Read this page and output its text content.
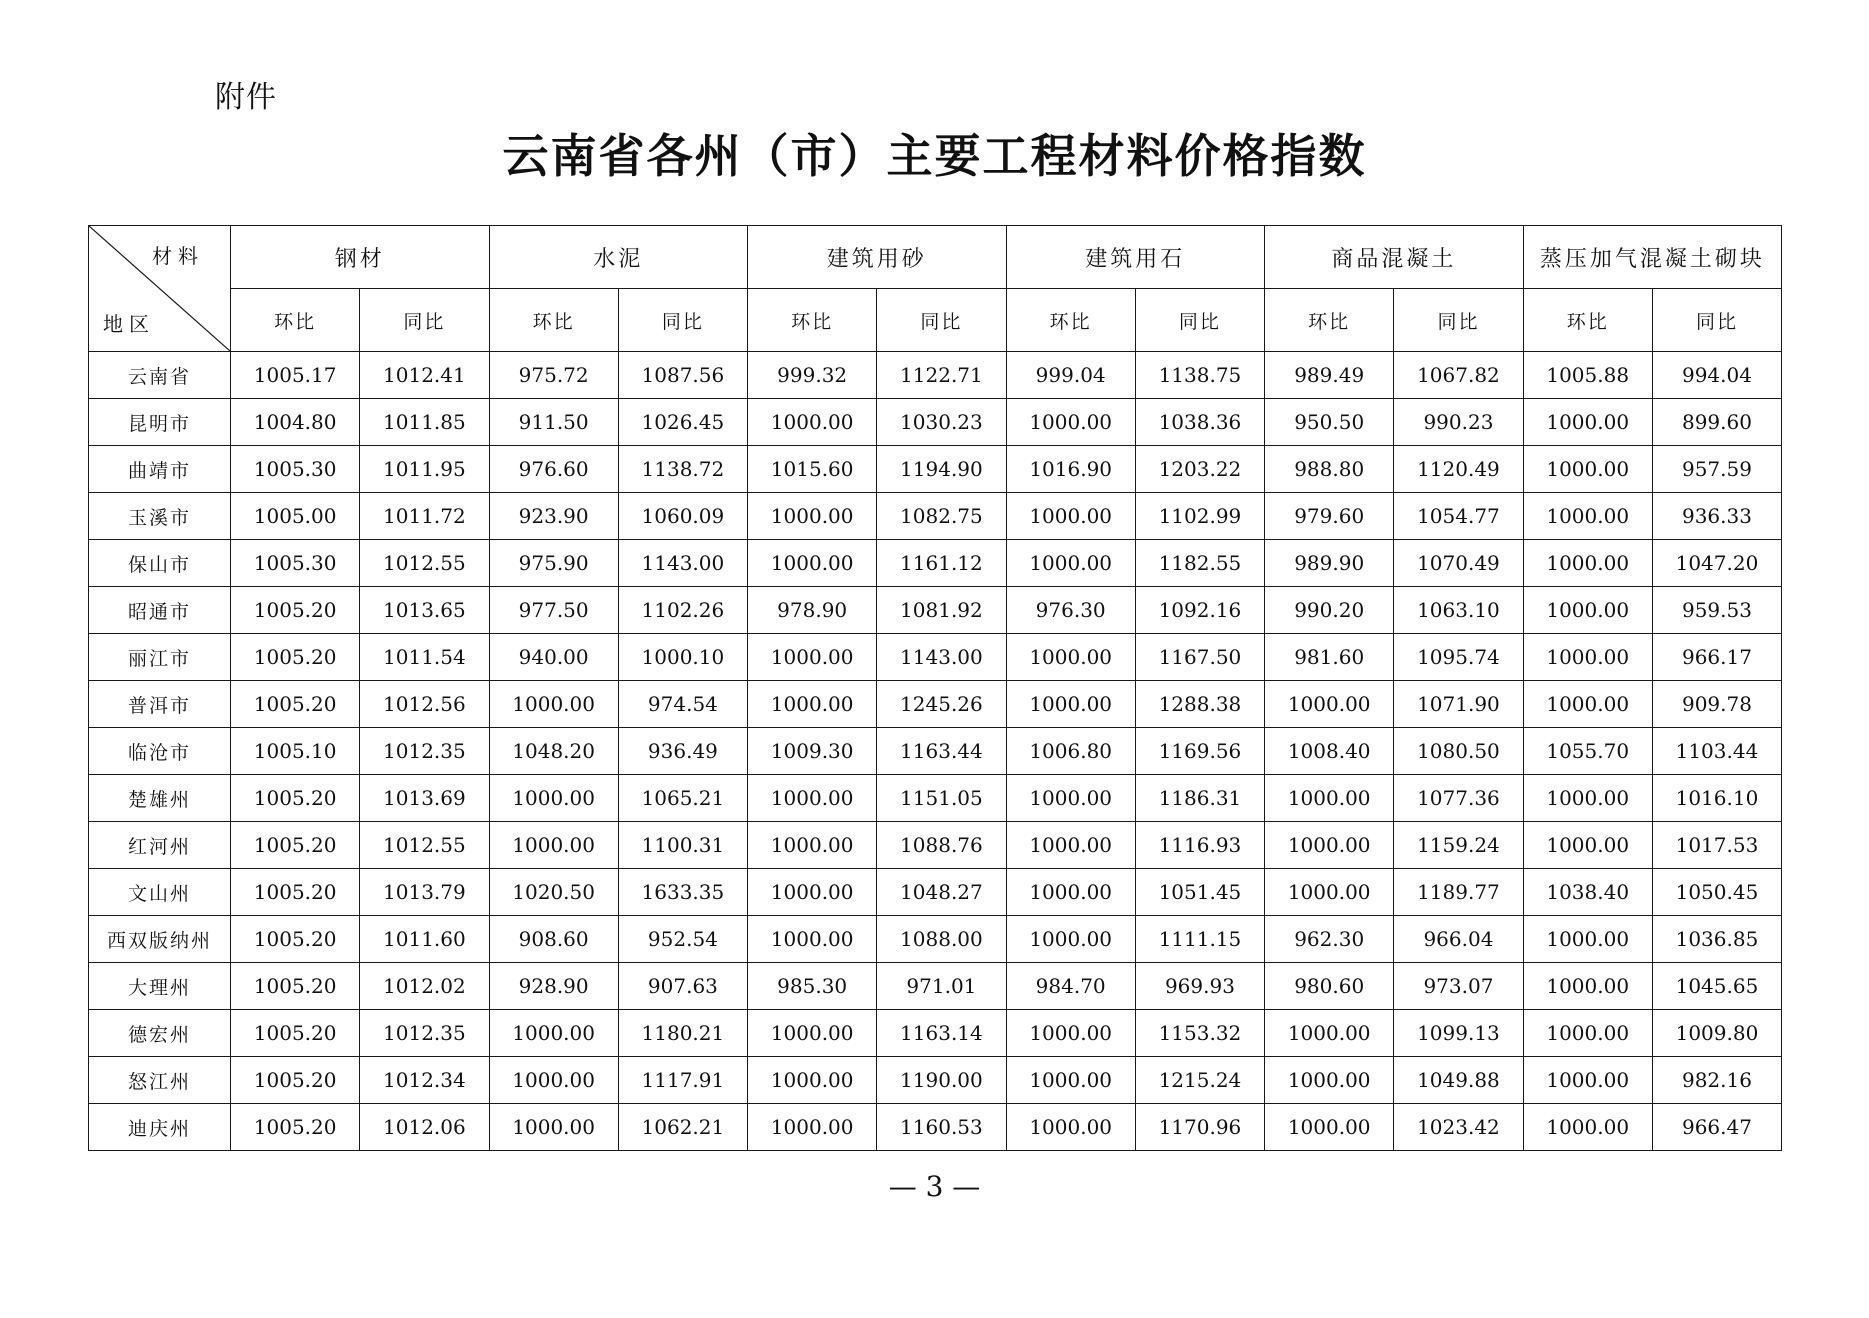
附件
云南省各州（市）主要工程材料价格指数
材料
地区	钢材		水泥		建筑用砂		建筑用石		商品混凝土		蒸压加气混凝土砌块	
	环比	同比	环比	同比	环比	同比	环比	同比	环比	同比	环比	同比
云南省	1005.17	1012.41	975.72	1087.56	999.32	1122.71	999.04	1138.75	989.49	1067.82	1005.88	994.04
昆明市	1004.80	1011.85	911.50	1026.45	1000.00	1030.23	1000.00	1038.36	950.50	990.23	1000.00	899.60
曲靖市	1005.30	1011.95	976.60	1138.72	1015.60	1194.90	1016.90	1203.22	988.80	1120.49	1000.00	957.59
玉溪市	1005.00	1011.72	923.90	1060.09	1000.00	1082.75	1000.00	1102.99	979.60	1054.77	1000.00	936.33
保山市	1005.30	1012.55	975.90	1143.00	1000.00	1161.12	1000.00	1182.55	989.90	1070.49	1000.00	1047.20
昭通市	1005.20	1013.65	977.50	1102.26	978.90	1081.92	976.30	1092.16	990.20	1063.10	1000.00	959.53
丽江市	1005.20	1011.54	940.00	1000.10	1000.00	1143.00	1000.00	1167.50	981.60	1095.74	1000.00	966.17
普洱市	1005.20	1012.56	1000.00	974.54	1000.00	1245.26	1000.00	1288.38	1000.00	1071.90	1000.00	909.78
临沧市	1005.10	1012.35	1048.20	936.49	1009.30	1163.44	1006.80	1169.56	1008.40	1080.50	1055.70	1103.44
楚雄州	1005.20	1013.69	1000.00	1065.21	1000.00	1151.05	1000.00	1186.31	1000.00	1077.36	1000.00	1016.10
红河州	1005.20	1012.55	1000.00	1100.31	1000.00	1088.76	1000.00	1116.93	1000.00	1159.24	1000.00	1017.53
文山州	1005.20	1013.79	1020.50	1633.35	1000.00	1048.27	1000.00	1051.45	1000.00	1189.77	1038.40	1050.45
西双版纳州	1005.20	1011.60	908.60	952.54	1000.00	1088.00	1000.00	1111.15	962.30	966.04	1000.00	1036.85
大理州	1005.20	1012.02	928.90	907.63	985.30	971.01	984.70	969.93	980.60	973.07	1000.00	1045.65
德宏州	1005.20	1012.35	1000.00	1180.21	1000.00	1163.14	1000.00	1153.32	1000.00	1099.13	1000.00	1009.80
怒江州	1005.20	1012.34	1000.00	1117.91	1000.00	1190.00	1000.00	1215.24	1000.00	1049.88	1000.00	982.16
迪庆州	1005.20	1012.06	1000.00	1062.21	1000.00	1160.53	1000.00	1170.96	1000.00	1023.42	1000.00	966.47
— 3 —
